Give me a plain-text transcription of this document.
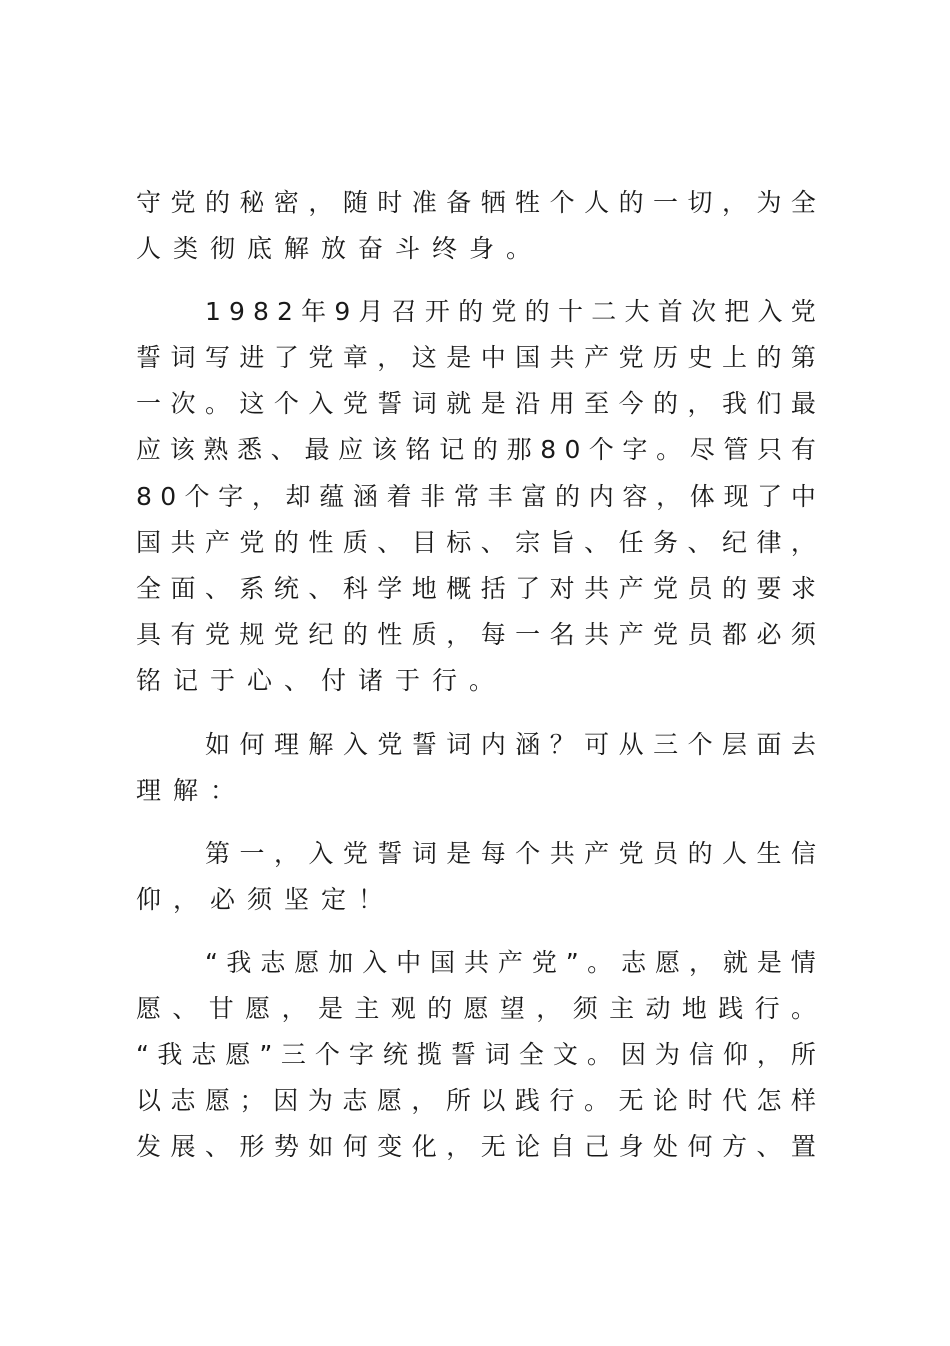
守 党 的 秘 密 ， 随 时 准 备 牺 牲 个 人 的 一 切 ， 为 全
人类彻底解放奋斗终身。
1 9 8 2 年 9 月 召 开 的 党 的 十 二 大 首 次 把 入 党
誓 词 写 进 了 党 章 ， 这 是 中 国 共 产 党 历 史 上 的 第
一 次 。 这 个 入 党 誓 词 就 是 沿 用 至 今 的 ， 我 们 最
应 该 熟 悉 、 最 应 该 铭 记 的 那 8 0 个 字 。 尽 管 只 有
8 0 个 字 ， 却 蕴 涵 着 非 常 丰 富 的 内 容 ， 体 现 了 中
国 共 产 党 的 性 质 、 目 标 、 宗 旨 、 任 务 、 纪 律 ，
全 面 、 系 统 、 科 学 地 概 括 了 对 共 产 党 员 的 要 求
具 有 党 规 党 纪 的 性 质 ， 每 一 名 共 产 党 员 都 必 须
铭记于心、付诸于行。
如 何 理 解 入 党 誓 词 内 涵 ？ 可 从 三 个 层 面 去
理解：
第 一 ， 入 党 誓 词 是 每 个 共 产 党 员 的 人 生 信
仰，必须坚定！
“ 我 志 愿 加 入 中 国 共 产 党 ” 。 志 愿 ， 就 是 情
愿 、 甘 愿 ， 是 主 观 的 愿 望 ， 须 主 动 地 践 行 。
“ 我 志 愿 ” 三 个 字 统 揽 誓 词 全 文 。 因 为 信 仰 ， 所
以 志 愿 ； 因 为 志 愿 ， 所 以 践 行 。 无 论 时 代 怎 样
发 展 、 形 势 如 何 变 化 ， 无 论 自 己 身 处 何 方 、 置
